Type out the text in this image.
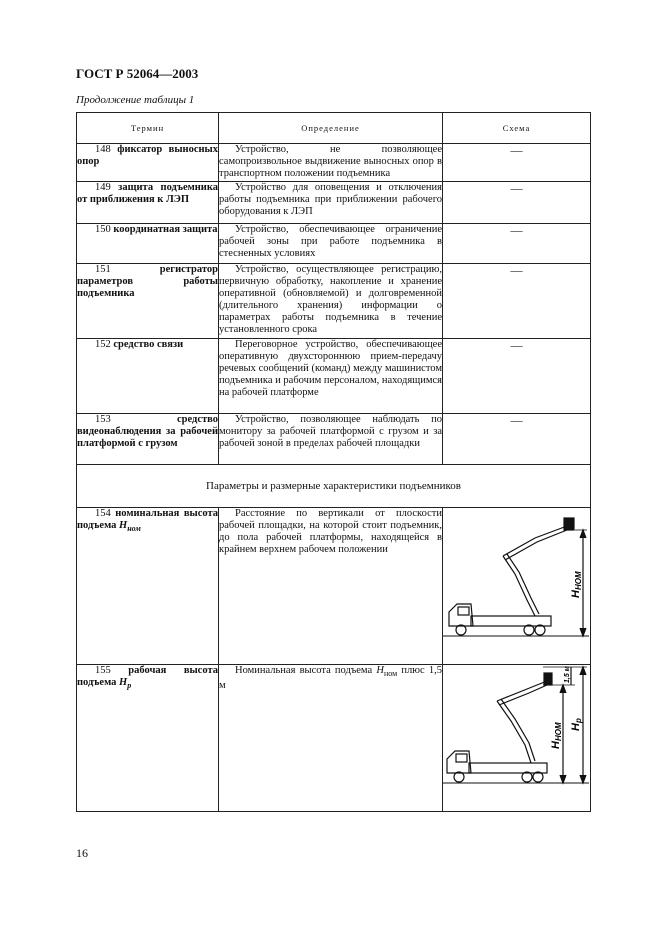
ГОСТ Р 52064—2003
Продолжение таблицы 1
Термин	Определение	Схема
148 фиксатор выносных опор	Устройство, не позволяющее самопроизвольное выдвижение выносных опор в транспортном положении подъемника	—
149 защита подъемника от приближения к ЛЭП	Устройство для оповещения и отключения работы подъемника при приближении рабочего оборудования к ЛЭП	—
150 координатная защита	Устройство, обеспечивающее ограничение рабочей зоны при работе подъемника в стесненных условиях	—
151 регистратор параметров работы подъемника	Устройство, осуществляющее регистрацию, первичную обработку, накопление и хранение оперативной (обновляемой) и долговременной (длительного хранения) информации о параметрах работы подъемника в течение установленного срока	—
152 средство связи	Переговорное устройство, обеспечивающее оперативную двухстороннюю прием-передачу речевых сообщений (команд) между машинистом подъемника и рабочим персоналом, находящимся на рабочей платформе	—
153 средство видеонаблюдения за рабочей платформой с грузом	Устройство, позволяющее наблюдать по монитору за рабочей платформой с грузом и за рабочей зоной в пределах рабочей площадки	—
Параметры и размерные характеристики подъемников		
154 номинальная высота подъема $H_{ном}$	Расстояние по вертикали от плоскости рабочей площадки, на которой стоит подъемник, до пола рабочей платформы, находящейся в крайнем верхнем рабочем положении	HНОМ

155 рабочая высота подъема $H_р$	Номинальная высота подъема $H_{ном}$ плюс 1,5 м	1,5 м
HНОМ Hр
16
